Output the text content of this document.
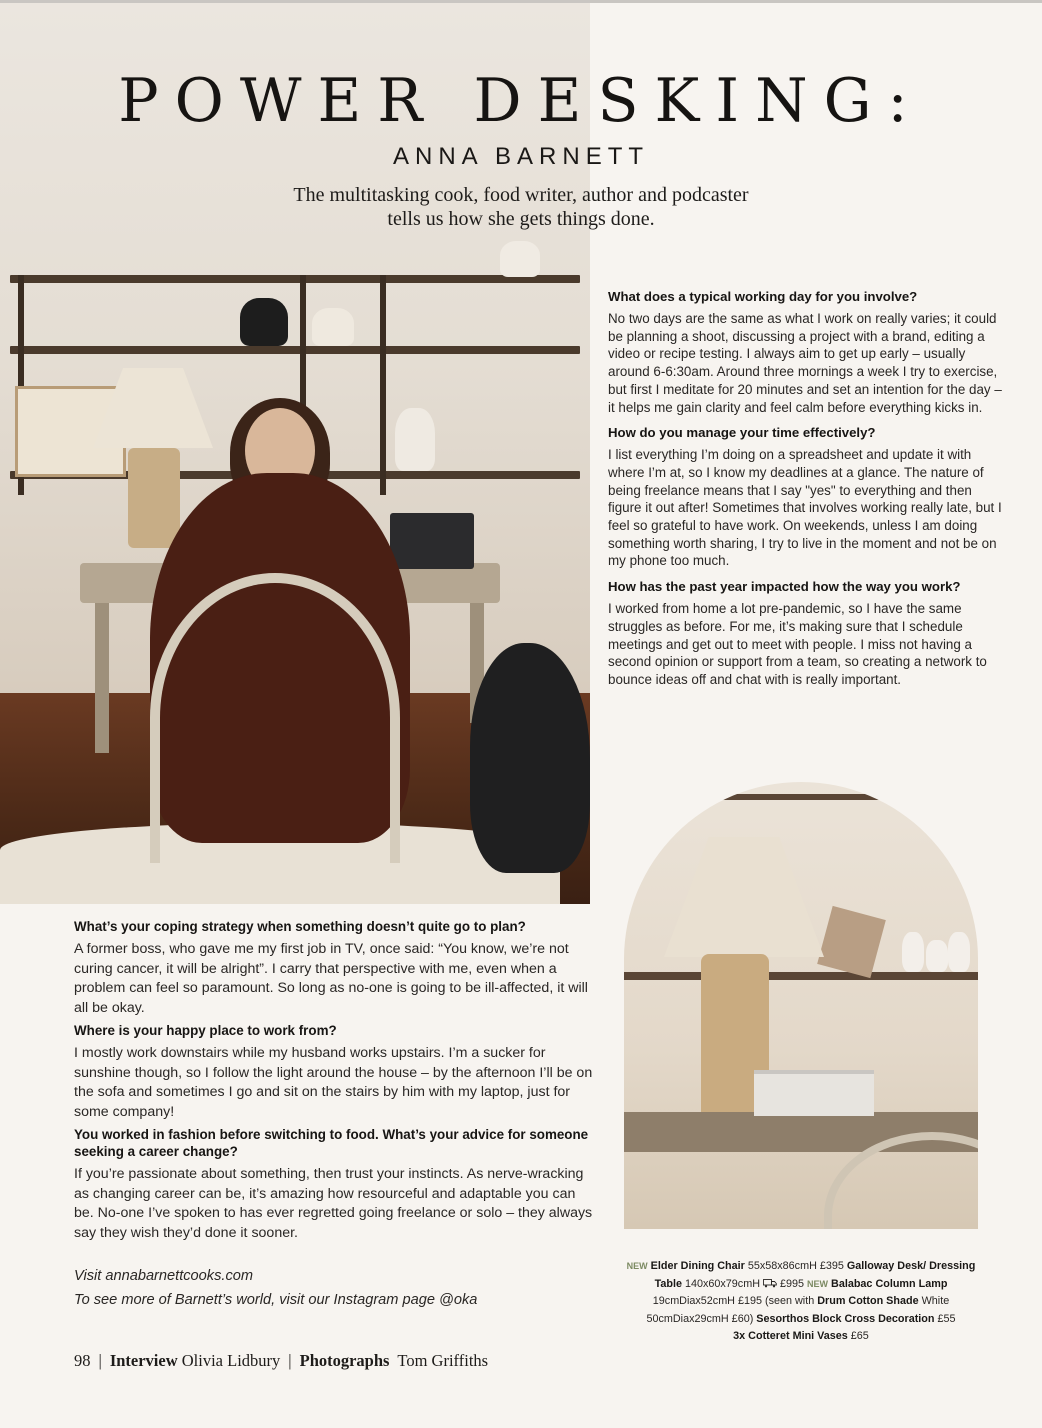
POWER DESKING:
ANNA BARNETT
The multitasking cook, food writer, author and podcaster
tells us how she gets things done.

What does a typical working day for you involve?

No two days are the same as what I work on really varies; it could be planning a shoot, discussing a project with a brand, editing a video or recipe testing. I always aim to get up early – usually around 6-6:30am. Around three mornings a week I try to exercise, but first I meditate for 20 minutes and set an intention for the day – it helps me gain clarity and feel calm before everything kicks in.

How do you manage your time effectively?

I list everything I’m doing on a spreadsheet and update it with where I’m at, so I know my deadlines at a glance. The nature of being freelance means that I say "yes" to everything and then figure it out after! Sometimes that involves working really late, but I feel so grateful to have work. On weekends, unless I am doing something worth sharing, I try to live in the moment and not be on my phone too much.

How has the past year impacted how the way you work?

I worked from home a lot pre-pandemic, so I have the same struggles as before. For me, it’s making sure that I schedule meetings and get out to meet with people. I miss not having a second opinion or support from a team, so creating a network to bounce ideas off and chat with is really important.

What’s your coping strategy when something doesn’t quite go to plan?

A former boss, who gave me my first job in TV, once said: “You know, we’re not curing cancer, it will be alright”. I carry that perspective with me, even when a problem can feel so paramount. So long as no-one is going to be ill-affected, it will all be okay.

Where is your happy place to work from?

I mostly work downstairs while my husband works upstairs. I’m a sucker for sunshine though, so I follow the light around the house – by the afternoon I’ll be on the sofa and sometimes I go and sit on the stairs by him with my laptop, just for some company!

You worked in fashion before switching to food. What’s your advice for someone seeking a career change?

If you’re passionate about something, then trust your instincts. As nerve-wracking as changing career can be, it’s amazing how resourceful and adaptable you can be. No-one I’ve spoken to has ever regretted going freelance or solo – they always say they wish they’d done it sooner.

Visit annabarnettcooks.com
To see more of Barnett’s world, visit our Instagram page @oka
98 | Interview Olivia Lidbury | Photographs Tom Griffiths
NEW Elder Dining Chair 55x58x86cmH £395 Galloway Desk/ Dressing Table 140x60x79cmH £995 NEW Balabac Column Lamp 19cmDiax52cmH £195 (seen with Drum Cotton Shade White 50cmDiax29cmH £60) Sesorthos Block Cross Decoration £55
3x Cotteret Mini Vases £65
